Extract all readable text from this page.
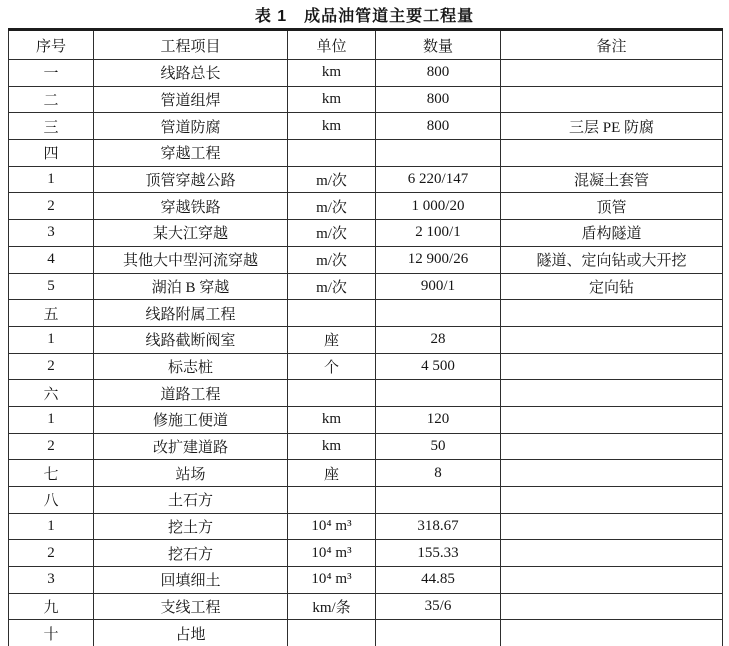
表 1　成品油管道主要工程量
序号	工程项目	单位	数量	备注
一	线路总长	km	800	
二	管道组焊	km	800	
三	管道防腐	km	800	三层 PE 防腐
四	穿越工程			
1	顶管穿越公路	m/次	6 220/147	混凝土套管
2	穿越铁路	m/次	1 000/20	顶管
3	某大江穿越	m/次	2 100/1	盾构隧道
4	其他大中型河流穿越	m/次	12 900/26	隧道、定向钻或大开挖
5	湖泊 B 穿越	m/次	900/1	定向钻
五	线路附属工程			
1	线路截断阀室	座	28	
2	标志桩	个	4 500	
六	道路工程			
1	修施工便道	km	120	
2	改扩建道路	km	50	
七	站场	座	8	
八	土石方			
1	挖土方	10⁴ m³	318.67	
2	挖石方	10⁴ m³	155.33	
3	回填细土	10⁴ m³	44.85	
九	支线工程	km/条	35/6	
十	占地			
